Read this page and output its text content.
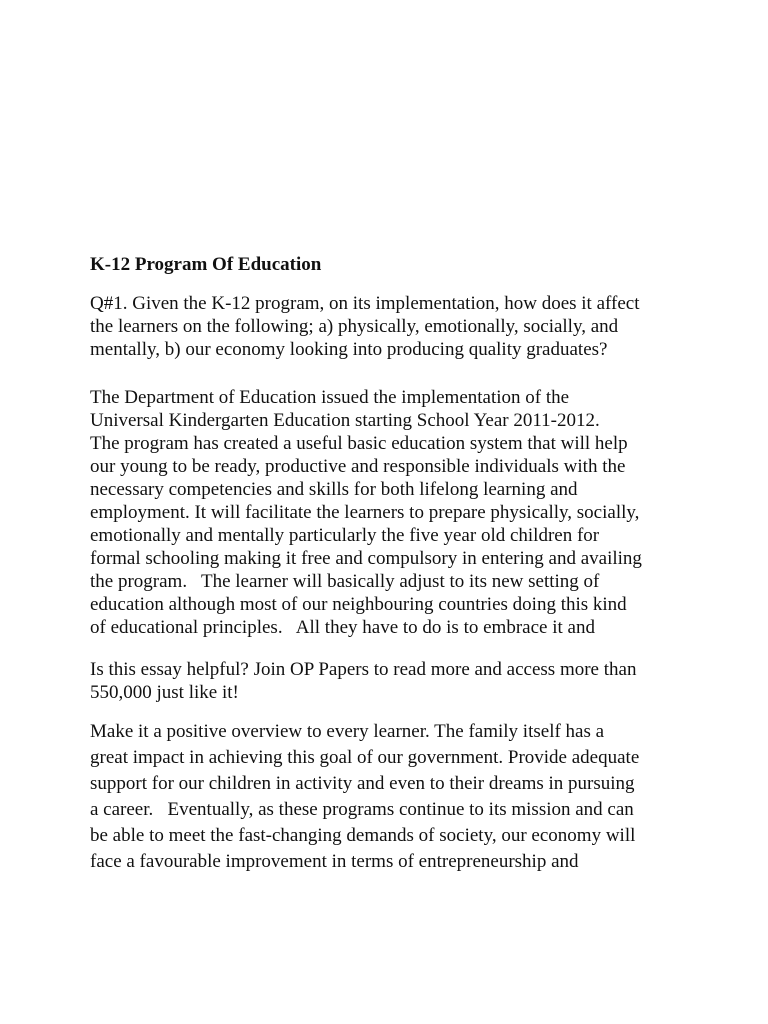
K-12 Program Of Education
Q#1. Given the K-12 program, on its implementation, how does it affect
the learners on the following; a) physically, emotionally, socially, and
mentally, b) our economy looking into producing quality graduates?
The Department of Education issued the implementation of the
Universal Kindergarten Education starting School Year 2011-2012.
The program has created a useful basic education system that will help
our young to be ready, productive and responsible individuals with the
necessary competencies and skills for both lifelong learning and
employment. It will facilitate the learners to prepare physically, socially,
emotionally and mentally particularly the five year old children for
formal schooling making it free and compulsory in entering and availing
the program.   The learner will basically adjust to its new setting of
education although most of our neighbouring countries doing this kind
of educational principles.   All they have to do is to embrace it and
Is this essay helpful? Join OP Papers to read more and access more than
550,000 just like it!
Make it a positive overview to every learner. The family itself has a
great impact in achieving this goal of our government. Provide adequate
support for our children in activity and even to their dreams in pursuing
a career.   Eventually, as these programs continue to its mission and can
be able to meet the fast-changing demands of society, our economy will
face a favourable improvement in terms of entrepreneurship and
